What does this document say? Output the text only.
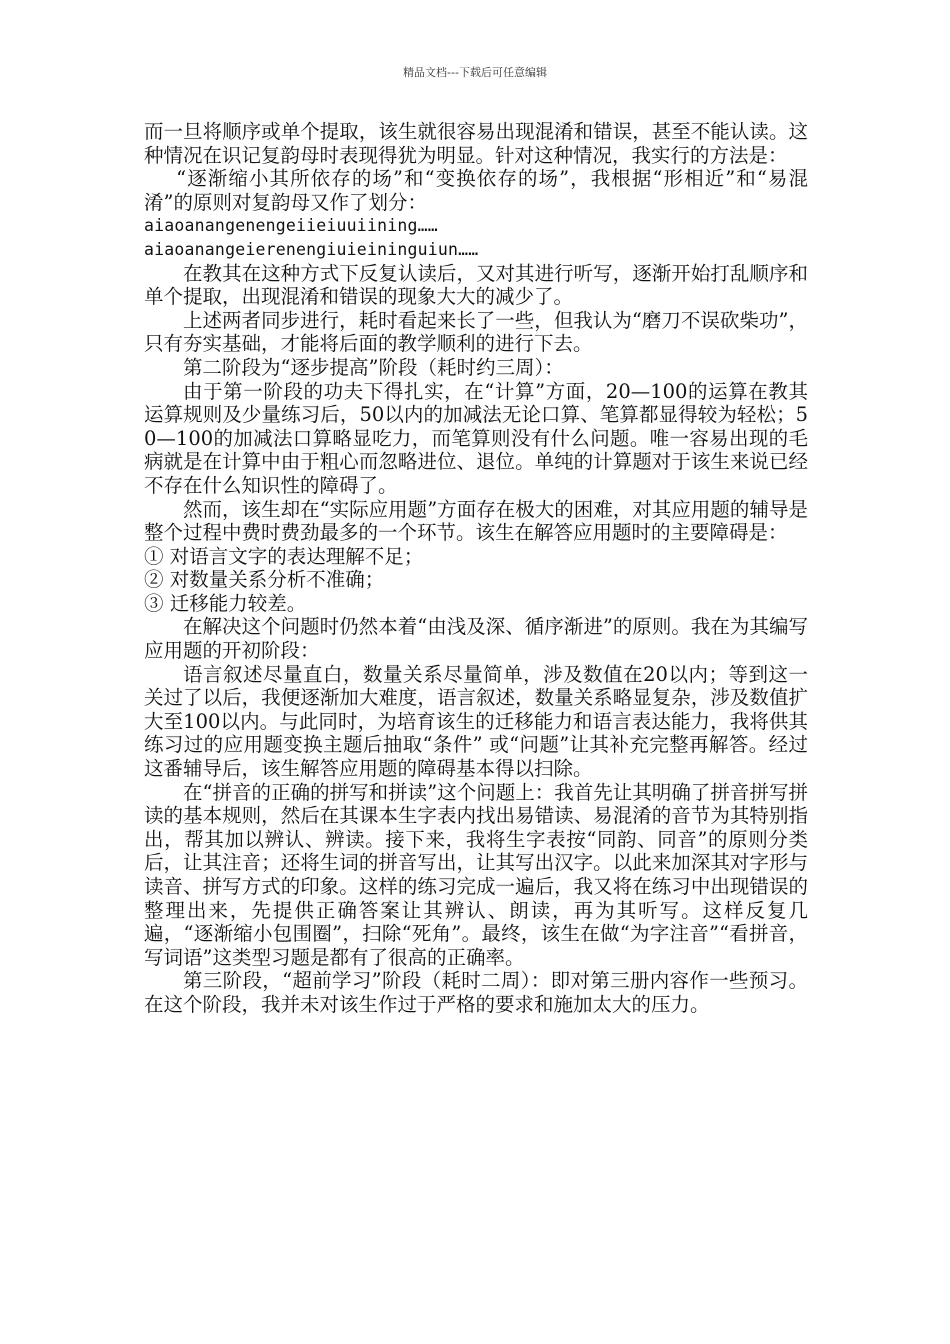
精品文档---下载后可任意编辑

而一旦将顺序或单个提取，该生就很容易出现混淆和错误，甚至不能认读。这种情况在识记复韵母时表现得犹为明显。针对这种情况，我实行的方法是：

“逐渐缩小其所依存的场”和“变换依存的场”，我根据“形相近”和“易混淆”的原则对复韵母又作了划分：

aiaoanangenengeiieiuuiining……

aiaoanangeierenengiuieininguiun……

在教其在这种方式下反复认读后，又对其进行听写，逐渐开始打乱顺序和单个提取，出现混淆和错误的现象大大的减少了。

上述两者同步进行，耗时看起来长了一些，但我认为“磨刀不误砍柴功”，只有夯实基础，才能将后面的教学顺利的进行下去。

第二阶段为“逐步提高”阶段（耗时约三周）：

由于第一阶段的功夫下得扎实，在“计算”方面，20—100的运算在教其运算规则及少量练习后，50以内的加减法无论口算、笔算都显得较为轻松；50—100的加减法口算略显吃力，而笔算则没有什么问题。唯一容易出现的毛病就是在计算中由于粗心而忽略进位、退位。单纯的计算题对于该生来说已经不存在什么知识性的障碍了。

然而，该生却在“实际应用题”方面存在极大的困难，对其应用题的辅导是整个过程中费时费劲最多的一个环节。该生在解答应用题时的主要障碍是：

① 对语言文字的表达理解不足；

② 对数量关系分析不准确；

③ 迁移能力较差。

在解决这个问题时仍然本着“由浅及深、循序渐进”的原则。我在为其编写应用题的开初阶段：

语言叙述尽量直白，数量关系尽量简单，涉及数值在20以内；等到这一关过了以后，我便逐渐加大难度，语言叙述，数量关系略显复杂，涉及数值扩大至100以内。与此同时，为培育该生的迁移能力和语言表达能力，我将供其练习过的应用题变换主题后抽取“条件” 或“问题”让其补充完整再解答。经过这番辅导后，该生解答应用题的障碍基本得以扫除。

在“拼音的正确的拼写和拼读”这个问题上：我首先让其明确了拼音拼写拼读的基本规则，然后在其课本生字表内找出易错读、易混淆的音节为其特别指出，帮其加以辨认、辨读。接下来，我将生字表按“同韵、同音”的原则分类后，让其注音；还将生词的拼音写出，让其写出汉字。以此来加深其对字形与读音、拼写方式的印象。这样的练习完成一遍后，我又将在练习中出现错误的整理出来，先提供正确答案让其辨认、朗读，再为其听写。这样反复几遍，“逐渐缩小包围圈”，扫除“死角”。最终，该生在做“为字注音”“看拼音，写词语”这类型习题是都有了很高的正确率。

第三阶段，“超前学习”阶段（耗时二周）：即对第三册内容作一些预习。在这个阶段，我并未对该生作过于严格的要求和施加太大的压力。
